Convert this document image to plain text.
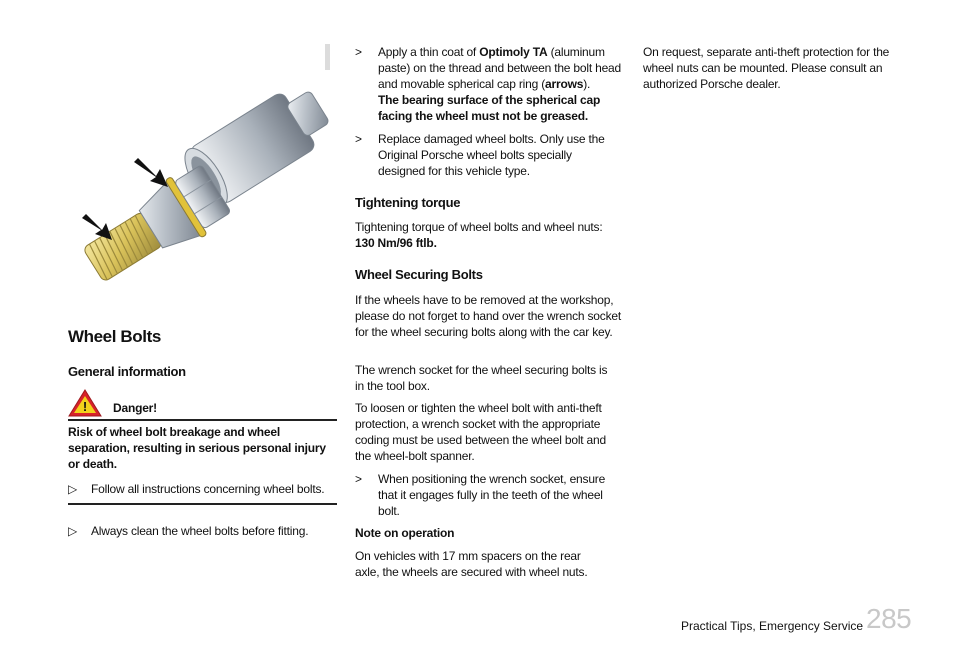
Wheel Bolts
General information
! Danger!
Risk of wheel bolt breakage and wheel separation, resulting in serious personal injury or death.
▷ Follow all instructions concerning wheel bolts.
▷ Always clean the wheel bolts before fitting.
> Apply a thin coat of Optimoly TA (aluminum paste) on the thread and between the bolt head and movable spherical cap ring (arrows).
The bearing surface of the spherical cap facing the wheel must not be greased.
> Replace damaged wheel bolts. Only use the Original Porsche wheel bolts specially designed for this vehicle type.
Tightening torque
Tightening torque of wheel bolts and wheel nuts:
130 Nm/96 ftlb.
Wheel Securing Bolts
If the wheels have to be removed at the workshop, please do not forget to hand over the wrench socket for the wheel securing bolts along with the car key.
The wrench socket for the wheel securing bolts is in the tool box.
To loosen or tighten the wheel bolt with anti-theft protection, a wrench socket with the appropriate coding must be used between the wheel bolt and the wheel-bolt spanner.
> When positioning the wrench socket, ensure that it engages fully in the teeth of the wheel bolt.
Note on operation
On vehicles with 17 mm spacers on the rear axle, the wheels are secured with wheel nuts.
On request, separate anti-theft protection for the wheel nuts can be mounted. Please consult an authorized Porsche dealer.
Practical Tips, Emergency Service 285
